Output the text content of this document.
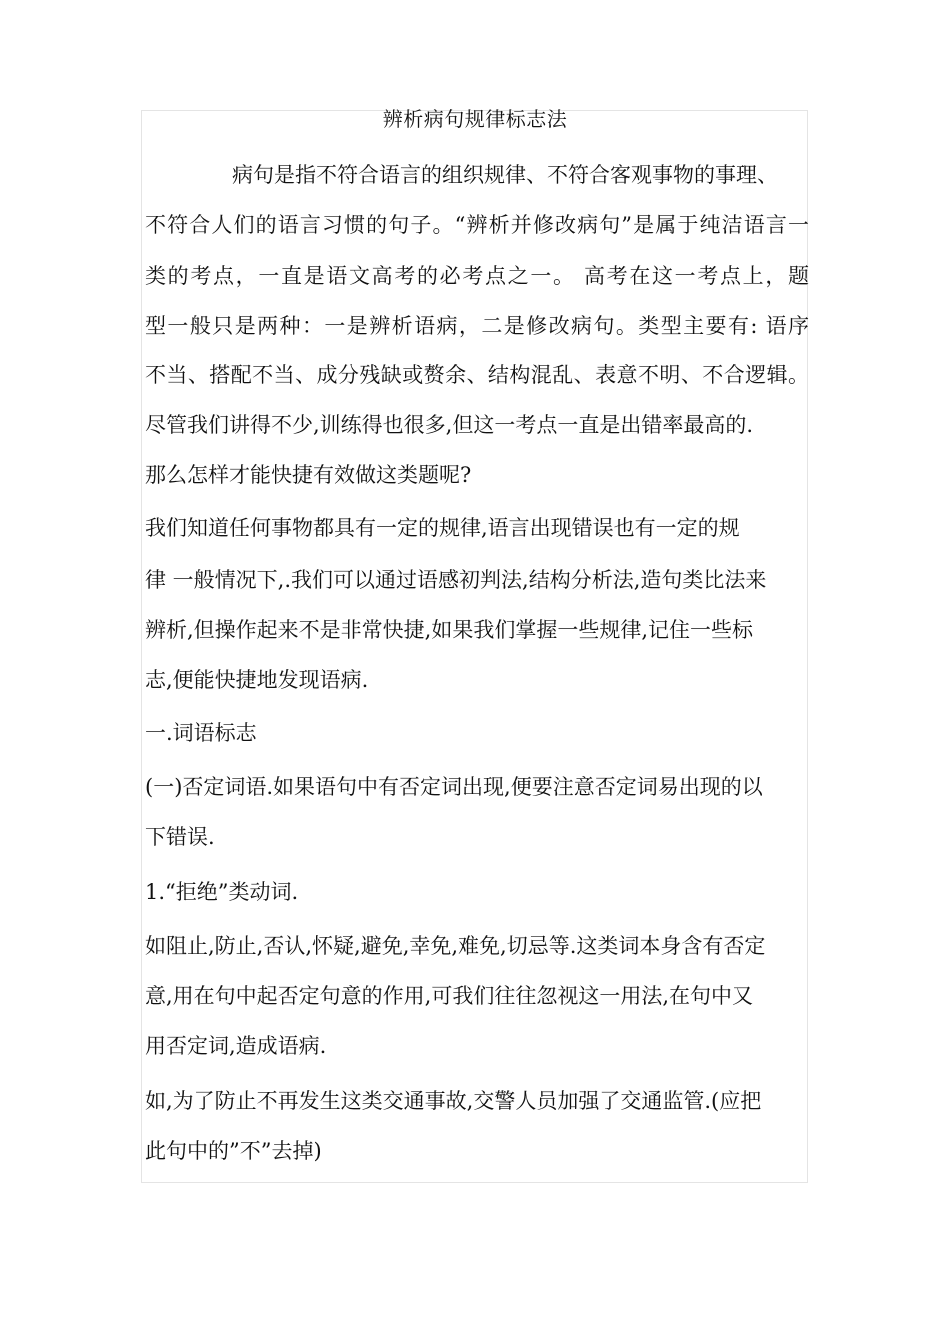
辨析病句规律标志法
病句是指不符合语言的组织规律、不符合客观事物的事理、
不符合人们的语言习惯的句子。“辨析并修改病句”是属于纯洁语言一
类的考点，一直是语文高考的必考点之一。 高考在这一考点上，题
型一般只是两种：一是辨析语病，二是修改病句。类型主要有: 语序
不当、搭配不当、成分残缺或赘余、结构混乱、表意不明、不合逻辑。
尽管我们讲得不少,训练得也很多,但这一考点一直是出错率最高的.
那么怎样才能快捷有效做这类题呢?
我们知道任何事物都具有一定的规律,语言出现错误也有一定的规
律 一般情况下,.我们可以通过语感初判法,结构分析法,造句类比法来
辨析,但操作起来不是非常快捷,如果我们掌握一些规律,记住一些标
志,便能快捷地发现语病.
一.词语标志
(一)否定词语.如果语句中有否定词出现,便要注意否定词易出现的以
下错误.
1.“拒绝”类动词.
如阻止,防止,否认,怀疑,避免,幸免,难免,切忌等.这类词本身含有否定
意,用在句中起否定句意的作用,可我们往往忽视这一用法,在句中又
用否定词,造成语病.
如,为了防止不再发生这类交通事故,交警人员加强了交通监管.(应把
此句中的”不”去掉)
